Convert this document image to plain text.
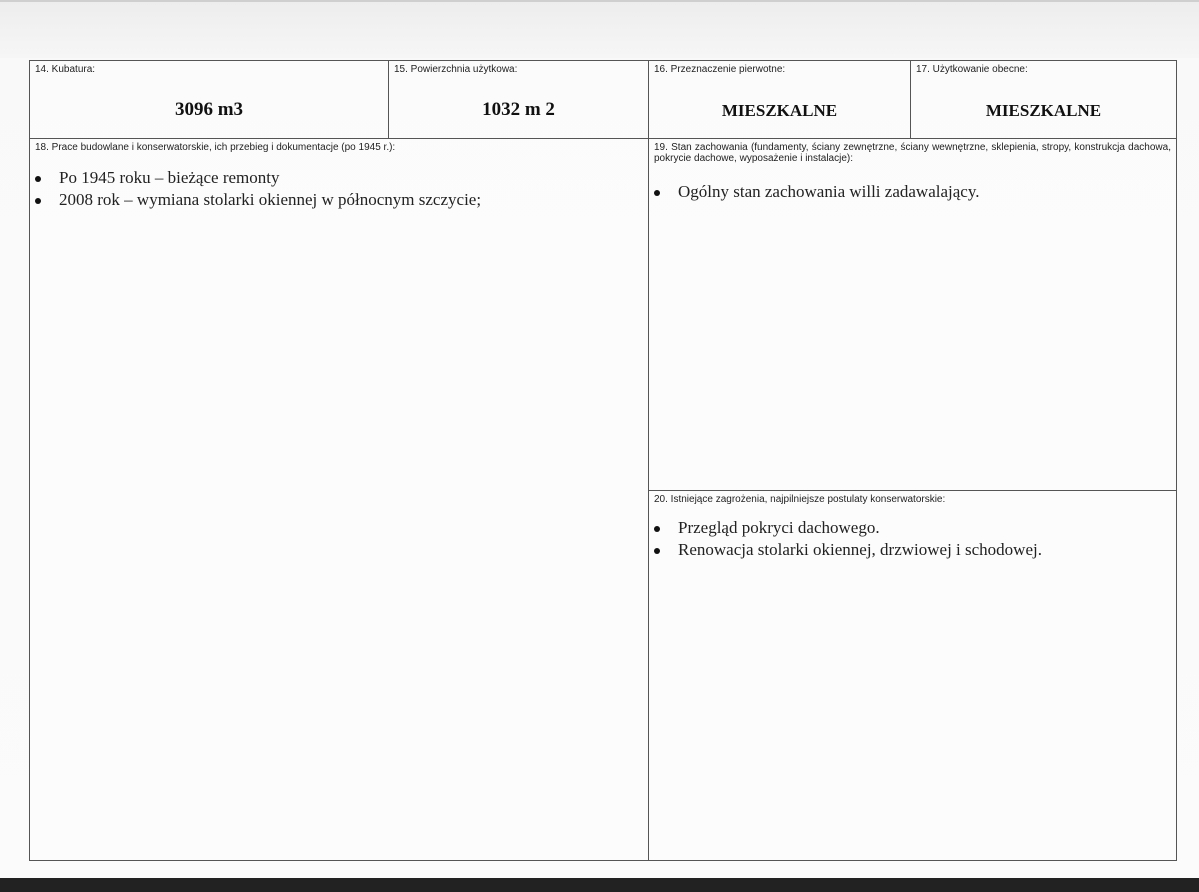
14. Kubatura:
3096 m3
15. Powierzchnia użytkowa:
1032 m 2
16. Przeznaczenie pierwotne:
MIESZKALNE
17. Użytkowanie obecne:
MIESZKALNE
18. Prace budowlane i konserwatorskie, ich przebieg i dokumentacje (po 1945 r.):
Po 1945 roku – bieżące remonty
2008 rok – wymiana stolarki okiennej w północnym szczycie;
19. Stan zachowania (fundamenty, ściany zewnętrzne, ściany wewnętrzne, sklepienia, stropy, konstrukcja dachowa, pokrycie dachowe, wyposażenie i instalacje):
Ogólny stan zachowania willi zadawalający.
20. Istniejące zagrożenia, najpilniejsze postulaty konserwatorskie:
Przegląd pokryci dachowego.
Renowacja stolarki okiennej, drzwiowej i schodowej.
